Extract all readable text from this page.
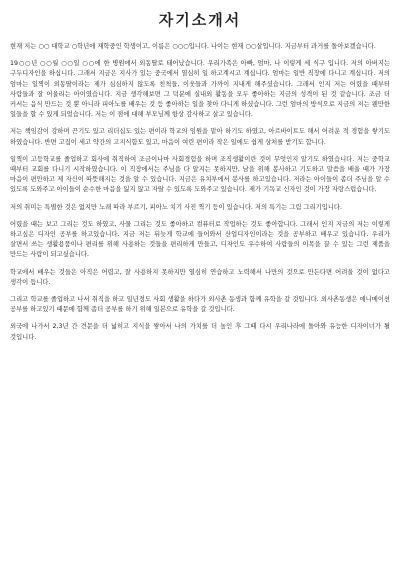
자기소개서

현재 저는 ○○ 대학교 ○학년에 재학중인 학생이고, 이름은 ○○○입니다. 나이는 현재 ○○살입니다. 지금부터 과거를 돌아보겠습니다.

19○○년 ○○월 ○○일 ○○에 한 병원에서 외동딸로 태어났습니다. 우리가족은 아빠, 엄마, 나 이렇게 세 식구 입니다. 저의 아버지는 구두디자인을 하십니다. 그래서 지금은 지사가 있는 중국에서 열심히 일 하고계시고 계십니다. 엄마는 일반 직장에 다니고 계십니다. 저의 엄마는 일찍이 외동딸이라는 제가 심심하지 않도록 친척들, 이웃들과 가까이 지내게 해주셨습니다. 그래서 인지 저는 어렸을 때부터 사람들과 잘 어울리는 아이였습니다. 지금 생각해보면 그 덕분에 실내외 활동을 모두 좋아하는 지금의 성격이 된 것 같습니다. 조금 더 커서는 음식 만드는 것 뿐 아니라 피아노를 배우는 것 등 좋아하는 일을 찾아 다니게 하셨습니다. 그런 엄마의 방식으로 지금의 저는 웬만한 일들을 할 수 있게 되었습니다. 저는 이 점에 대해 부모님께 항상 감사하고 살고 있습니다.

저는 책임감이 강하며 끈기도 있고 리더십도 있는 편이라 학교의 임원을 맡아 하기도 하였고, 아르바이트도 해서 어려운 적 경험을 쌓기도 하였습니다. 반면 고집이 세고 약간의 고지식함도 있고, 마음이 여린 편이라 작은 일에도 쉽게 상처를 받기도 합니다.

일찍이 고등학교를 졸업하고 회사에 취직하여 조금이나마 사회경험을 하며 조직생활이란 것이 무엇인지 알기도 하였습니다. 저는 중학교 때부터 교회를 다니기 시작하였습니다. 이 직장에서는 주님을 다 알지는 못하지만, 남을 위해 봉사하고 기도하고 말씀을 배울 때가 가장 마음이 편안하고 제 자신이 따뜻해지는 것을 알 수 있습니다. 지금은 유치부에서 봉사를 하고있습니다. 저라는 아이들이 좀더 주님을 알 수 있도록 도와주고 아이들이 순수한 마음을 잃지 않고 자랄 수 있도록 도와주고 있습니다. 제가 기독교 신자인 것이 가장 자랑스럽습니다.

저의 취미는 특별한 것은 없지만 노래 따라 부르기, 피아노 치기 사진 찍기 등이 있습니다. 저의 특기는 그림 그리기입니다.

어렸을 때는 보고 그리는 것도 하였고, 사물 그리는 것도 좋아하고 컴퓨터로 작업하는 것도 좋아합니다. 그래서 인지 지금의 저는 이렇게 하고싶은 디자인 공부를 하고있습니다. 지금 저는 뒤늦게 학교에 들어와서 산업디자인이라는 것을 공부하고 배우고 있습니다. 우리가 살면서 쓰는 생활용품이나 편리를 위해 사용하는 것들을 편리하게 만들고, 디자인도 우수하여 사람들의 이목을 끌 수 있는 그런 제품을 만드는 사람이 되고싶습니다.

학교에서 배우는 것들은 아직은 어렵고, 잘 사용하지 못하지만 열심히 연습하고 노력해서 나만의 것으로 만든다면 어려울 것이 없다고 생각이 듭니다.

그리고 학교를 졸업하고 나서 취직을 하고 일년정도 사회 생활을 하다가 외사촌 동생과 함께 유학을 갈 것입니다. 외사촌동생은 애니메이션 공부를 하고있기 때문에 함께 좀더 공부를 하기 위해 일본으로 유학을 갈 것입니다.

외국에 나가서 2,3년 간 견문을 더 넓히고 지식을 쌓아서 나의 가치를 더 높인 후 그때 다시 우리나라에 돌아와 유능한 디자이너가 될 것입니다.
